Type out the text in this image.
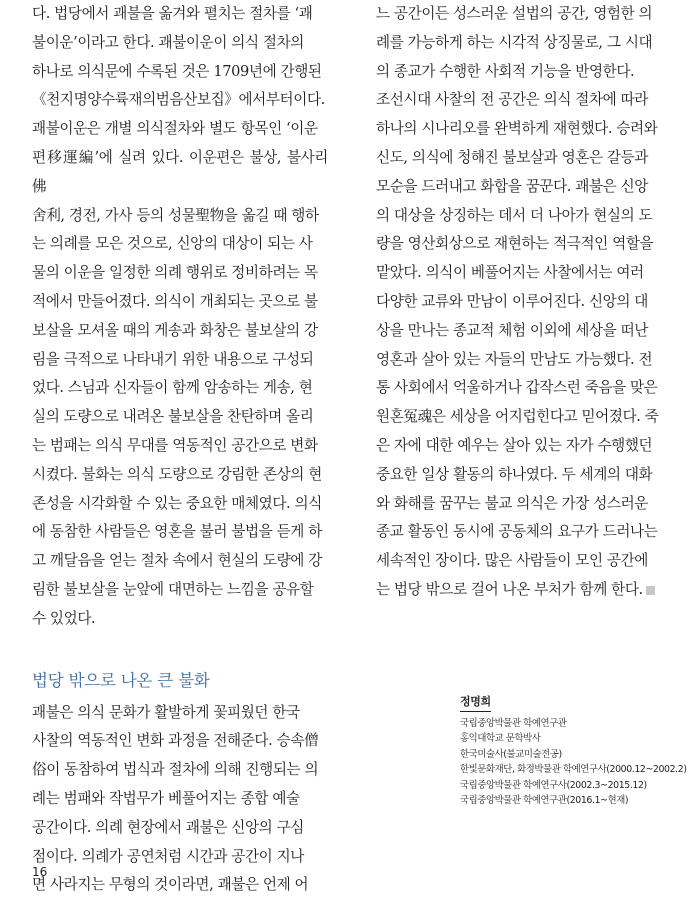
다. 법당에서 괘불을 옮겨와 펼치는 절차를 ‘괘

불이운’이라고 한다. 괘불이운이 의식 절차의

하나로 의식문에 수록된 것은 1709년에 간행된

《천지명양수륙재의범음산보집》에서부터이다.

괘불이운은 개별 의식절차와 별도 항목인 ‘이운

편移運編’에 실려 있다. 이운편은 불상, 불사리佛

舍利, 경전, 가사 등의 성물聖物을 옮길 때 행하

는 의례를 모은 것으로, 신앙의 대상이 되는 사

물의 이운을 일정한 의례 행위로 정비하려는 목

적에서 만들어졌다. 의식이 개최되는 곳으로 불

보살을 모셔올 때의 게송과 화창은 불보살의 강

림을 극적으로 나타내기 위한 내용으로 구성되

었다. 스님과 신자들이 함께 암송하는 게송, 현

실의 도량으로 내려온 불보살을 찬탄하며 올리

는 범패는 의식 무대를 역동적인 공간으로 변화

시켰다. 불화는 의식 도량으로 강림한 존상의 현

존성을 시각화할 수 있는 중요한 매체였다. 의식

에 동참한 사람들은 영혼을 불러 불법을 듣게 하

고 깨달음을 얻는 절차 속에서 현실의 도량에 강

림한 불보살을 눈앞에 대면하는 느낌을 공유할

수 있었다.

법당 밖으로 나온 큰 불화

괘불은 의식 문화가 활발하게 꽃피웠던 한국

사찰의 역동적인 변화 과정을 전해준다. 승속僧

俗이 동참하여 법식과 절차에 의해 진행되는 의

례는 범패와 작법무가 베풀어지는 종합 예술

공간이다. 의례 현장에서 괘불은 신앙의 구심

점이다. 의례가 공연처럼 시간과 공간이 지나

면 사라지는 무형의 것이라면, 괘불은 언제 어

느 공간이든 성스러운 설법의 공간, 영험한 의

례를 가능하게 하는 시각적 상징물로, 그 시대

의 종교가 수행한 사회적 기능을 반영한다.

조선시대 사찰의 전 공간은 의식 절차에 따라

하나의 시나리오를 완벽하게 재현했다. 승려와

신도, 의식에 청해진 불보살과 영혼은 갈등과

모순을 드러내고 화합을 꿈꾼다. 괘불은 신앙

의 대상을 상징하는 데서 더 나아가 현실의 도

량을 영산회상으로 재현하는 적극적인 역할을

맡았다. 의식이 베풀어지는 사찰에서는 여러

다양한 교류와 만남이 이루어진다. 신앙의 대

상을 만나는 종교적 체험 이외에 세상을 떠난

영혼과 살아 있는 자들의 만남도 가능했다. 전

통 사회에서 억울하거나 갑작스런 죽음을 맞은

원혼冤魂은 세상을 어지럽힌다고 믿어졌다. 죽

은 자에 대한 예우는 살아 있는 자가 수행했던

중요한 일상 활동의 하나였다. 두 세계의 대화

와 화해를 꿈꾸는 불교 의식은 가장 성스러운

종교 활동인 동시에 공동체의 요구가 드러나는

세속적인 장이다. 많은 사람들이 모인 공간에

는 법당 밖으로 걸어 나온 부처가 함께 한다.

정명희
국립중앙박물관 학예연구관
홍익대학교 문학박사
한국미술사(불교미술전공)
한빛문화재단, 화정박물관 학예연구사(2000.12~2002.2)
국립중앙박물관 학예연구사(2002.3~2015.12)
국립중앙박물관 학예연구관(2016.1~현재)
16
